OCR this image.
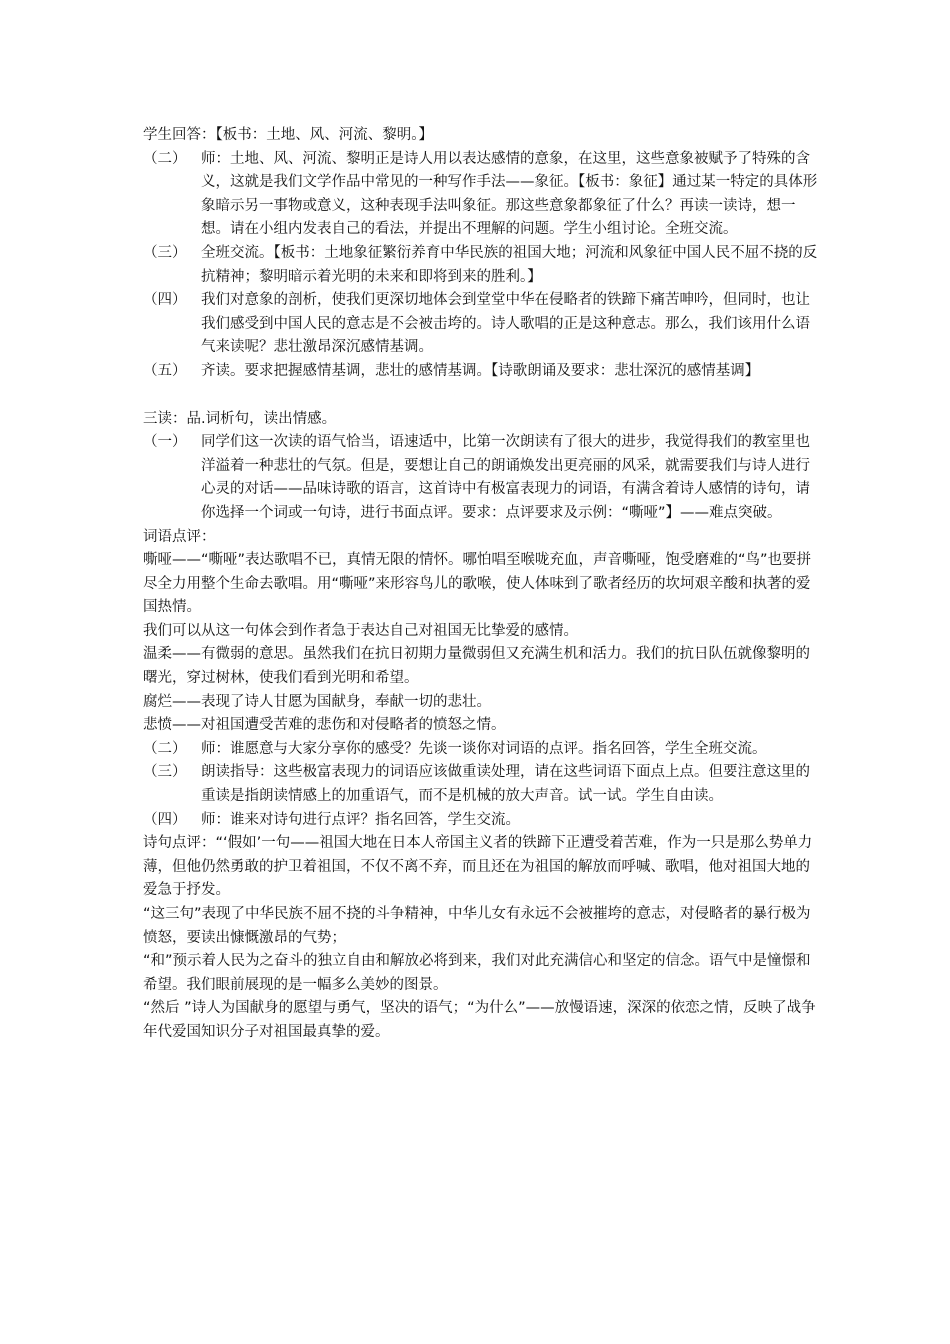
学生回答：【板书：土地、风、河流、黎明。】

（二）	师：土地、风、河流、黎明正是诗人用以表达感情的意象，在这里，这些意象被赋予了特殊的含义，这就是我们文学作品中常见的一种写作手法——象征。【板书：象征】通过某一特定的具体形象暗示另一事物或意义，这种表现手法叫象征。那这些意象都象征了什么？再读一读诗，想一想。请在小组内发表自己的看法，并提出不理解的问题。学生小组讨论。全班交流。
（三）	全班交流。【板书：土地象征繁衍养育中华民族的祖国大地；河流和风象征中国人民不屈不挠的反抗精神；黎明暗示着光明的未来和即将到来的胜利。】
（四）	我们对意象的剖析，使我们更深切地体会到堂堂中华在侵略者的铁蹄下痛苦呻吟，但同时，也让我们感受到中国人民的意志是不会被击垮的。诗人歌唱的正是这种意志。那么，我们该用什么语气来读呢？悲壮激昂深沉感情基调。
（五）	齐读。要求把握感情基调，悲壮的感情基调。【诗歌朗诵及要求：悲壮深沉的感情基调】

三读：品.词析句，读出情感。

（一）	同学们这一次读的语气恰当，语速适中，比第一次朗读有了很大的进步，我觉得我们的教室里也洋溢着一种悲壮的气氛。但是，要想让自己的朗诵焕发出更亮丽的风采，就需要我们与诗人进行心灵的对话——品味诗歌的语言，这首诗中有极富表现力的词语，有满含着诗人感情的诗句，请你选择一个词或一句诗，进行书面点评。要求：点评要求及示例：“嘶哑”】——难点突破。

词语点评：

嘶哑——“嘶哑”表达歌唱不已，真情无限的情怀。哪怕唱至喉咙充血，声音嘶哑，饱受磨难的“鸟”也要拼尽全力用整个生命去歌唱。用“嘶哑”来形容鸟儿的歌喉，使人体味到了歌者经历的坎坷艰辛酸和执著的爱国热情。

我们可以从这一句体会到作者急于表达自己对祖国无比挚爱的感情。

温柔——有微弱的意思。虽然我们在抗日初期力量微弱但又充满生机和活力。我们的抗日队伍就像黎明的曙光，穿过树林，使我们看到光明和希望。

腐烂——表现了诗人甘愿为国献身，奉献一切的悲壮。

悲愤——对祖国遭受苦难的悲伤和对侵略者的愤怒之情。

（二）	师：谁愿意与大家分享你的感受？先谈一谈你对词语的点评。指名回答，学生全班交流。
（三）	朗读指导：这些极富表现力的词语应该做重读处理，请在这些词语下面点上点。但要注意这里的重读是指朗读情感上的加重语气，而不是机械的放大声音。试一试。学生自由读。
（四）	师：谁来对诗句进行点评？指名回答，学生交流。

诗句点评：“‘假如’一句——祖国大地在日本人帝国主义者的铁蹄下正遭受着苦难，作为一只是那么势单力薄，但他仍然勇敢的护卫着祖国，不仅不离不弃，而且还在为祖国的解放而呼喊、歌唱，他对祖国大地的爱急于抒发。

“这三句”表现了中华民族不屈不挠的斗争精神，中华儿女有永远不会被摧垮的意志，对侵略者的暴行极为愤怒，要读出慷慨激昂的气势；

“和”预示着人民为之奋斗的独立自由和解放必将到来，我们对此充满信心和坚定的信念。语气中是憧憬和希望。我们眼前展现的是一幅多么美妙的图景。

“然后 ”诗人为国献身的愿望与勇气，坚决的语气；“为什么”——放慢语速，深深的依恋之情，反映了战争年代爱国知识分子对祖国最真挚的爱。
